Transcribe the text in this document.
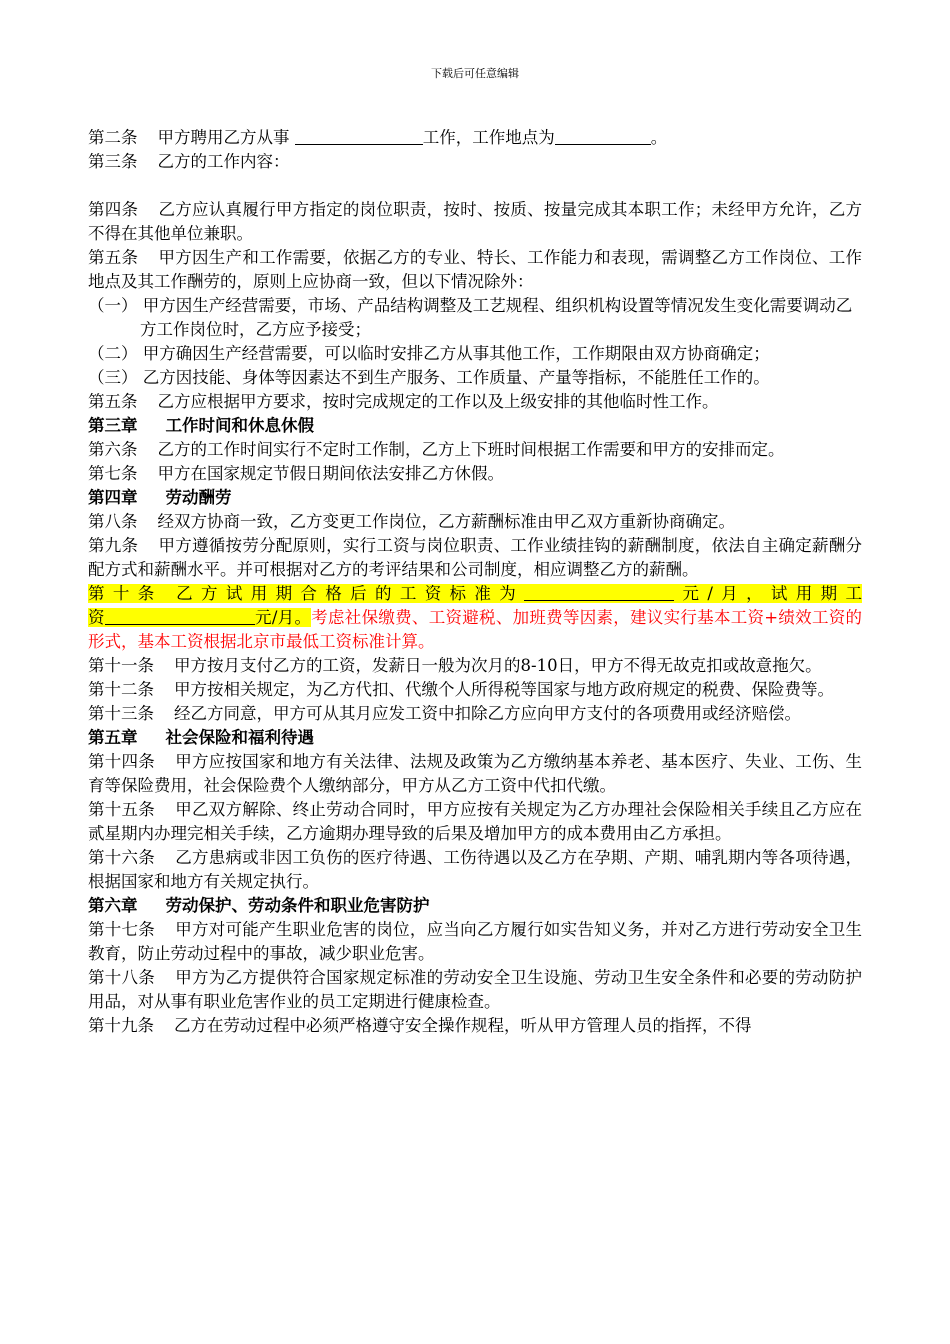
下载后可任意编辑

第二条 甲方聘用乙方从事	工作，工作地点为	。

第三条 乙方的工作内容：

第四条 乙方应认真履行甲方指定的岗位职责，按时、按质、按量完成其本职工作；未经甲方允许，乙方不得在其他单位兼职。

第五条 甲方因生产和工作需要，依据乙方的专业、特长、工作能力和表现，需调整乙方工作岗位、工作地点及其工作酬劳的，原则上应协商一致，但以下情况除外：

（一） 甲方因生产经营需要，市场、产品结构调整及工艺规程、组织机构设置等情况发生变化需要调动乙方工作岗位时，乙方应予接受；

（二） 甲方确因生产经营需要，可以临时安排乙方从事其他工作，工作期限由双方协商确定；

（三） 乙方因技能、身体等因素达不到生产服务、工作质量、产量等指标，不能胜任工作的。

第五条 乙方应根据甲方要求，按时完成规定的工作以及上级安排的其他临时性工作。

第三章 工作时间和休息休假

第六条 乙方的工作时间实行不定时工作制，乙方上下班时间根据工作需要和甲方的安排而定。

第七条 甲方在国家规定节假日期间依法安排乙方休假。

第四章 劳动酬劳

第八条 经双方协商一致，乙方变更工作岗位，乙方薪酬标准由甲乙双方重新协商确定。

第九条 甲方遵循按劳分配原则，实行工资与岗位职责、工作业绩挂钩的薪酬制度，依法自主确定薪酬分配方式和薪酬水平。并可根据对乙方的考评结果和公司制度，相应调整乙方的薪酬。

第十条 乙方试用期合格后的工资标准为	元/月，试用期工

资	元/月。考虑社保缴费、工资避税、加班费等因素，建议实行基本工资+绩效工资的形式，基本工资根据北京市最低工资标准计算。

第十一条 甲方按月支付乙方的工资，发薪日一般为次月的8-10日，甲方不得无故克扣或故意拖欠。

第十二条 甲方按相关规定，为乙方代扣、代缴个人所得税等国家与地方政府规定的税费、保险费等。

第十三条 经乙方同意，甲方可从其月应发工资中扣除乙方应向甲方支付的各项费用或经济赔偿。

第五章 社会保险和福利待遇

第十四条 甲方应按国家和地方有关法律、法规及政策为乙方缴纳基本养老、基本医疗、失业、工伤、生育等保险费用，社会保险费个人缴纳部分，甲方从乙方工资中代扣代缴。

第十五条 甲乙双方解除、终止劳动合同时，甲方应按有关规定为乙方办理社会保险相关手续且乙方应在贰星期内办理完相关手续，乙方逾期办理导致的后果及增加甲方的成本费用由乙方承担。

第十六条 乙方患病或非因工负伤的医疗待遇、工伤待遇以及乙方在孕期、产期、哺乳期内等各项待遇，根据国家和地方有关规定执行。

第六章 劳动保护、劳动条件和职业危害防护

第十七条 甲方对可能产生职业危害的岗位，应当向乙方履行如实告知义务，并对乙方进行劳动安全卫生教育，防止劳动过程中的事故，减少职业危害。

第十八条 甲方为乙方提供符合国家规定标准的劳动安全卫生设施、劳动卫生安全条件和必要的劳动防护用品，对从事有职业危害作业的员工定期进行健康检查。

第十九条 乙方在劳动过程中必须严格遵守安全操作规程，听从甲方管理人员的指挥，不得
